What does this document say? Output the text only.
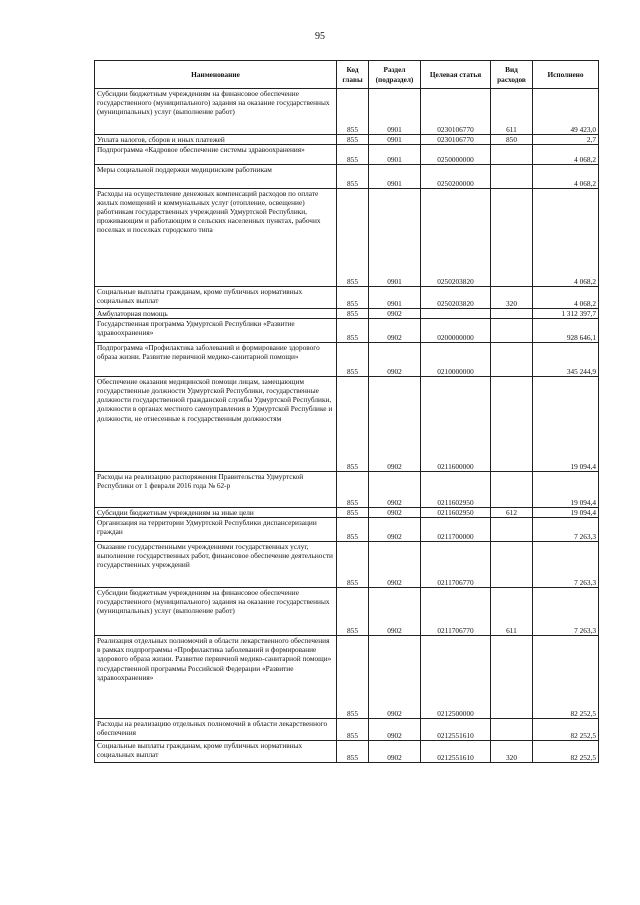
95
Наименование	Код главы	Раздел (подраздел)	Целевая статья	Вид расходов	Исполнено
Субсидии бюджетным учреждениям на финансовое обеспечение государственного (муниципального) задания на оказание государственных (муниципальных) услуг (выполнение работ)	855	0901	0230106770	611	49 423,0
Уплата налогов, сборов и иных платежей	855	0901	0230106770	850	2,7
Подпрограмма «Кадровое обеспечение системы здравоохранения»	855	0901	0250000000		4 068,2
Меры социальной поддержки медицинским работникам	855	0901	0250200000		4 068,2
Расходы на осуществление денежных компенсаций расходов по оплате жилых помещений и коммунальных услуг (отопление, освещение) работникам государственных учреждений Удмуртской Республики, проживающим и работающим в сельских населенных пунктах, рабочих поселках и поселках городского типа	855	0901	0250203820		4 068,2
Социальные выплаты гражданам, кроме публичных нормативных социальных выплат	855	0901	0250203820	320	4 068,2
Амбулаторная помощь	855	0902			1 312 397,7
Государственная программа Удмуртской Республики «Развитие здравоохранения»	855	0902	0200000000		928 646,1
Подпрограмма «Профилактика заболеваний и формирование здорового образа жизни. Развитие первичной медико-санитарной помощи»	855	0902	0210000000		345 244,9
Обеспечение оказания медицинской помощи лицам, замещающим государственные должности Удмуртской Республики, государственные должности государственной гражданской службы Удмуртской Республики, должности в органах местного самоуправления в Удмуртской Республике и должности, не отнесенные к государственным должностям	855	0902	0211600000		19 094,4
Расходы на реализацию распоряжения Правительства Удмуртской Республики от 1 февраля 2016 года № 62-р	855	0902	0211602950		19 094,4
Субсидии бюджетным учреждениям на иные цели	855	0902	0211602950	612	19 094,4
Организация на территории Удмуртской Республики диспансеризации граждан	855	0902	0211700000		7 263,3
Оказание государственными учреждениями государственных услуг, выполнение государственных работ, финансовое обеспечение деятельности государственных учреждений	855	0902	0211706770		7 263,3
Субсидии бюджетным учреждениям на финансовое обеспечение государственного (муниципального) задания на оказание государственных (муниципальных) услуг (выполнение работ)	855	0902	0211706770	611	7 263,3
Реализация отдельных полномочий в области лекарственного обеспечения в рамках подпрограммы «Профилактика заболеваний и формирование здорового образа жизни. Развитие первичной медико-санитарной помощи» государственной программы Российской Федерации «Развитие здравоохранения»	855	0902	0212500000		82 252,5
Расходы на реализацию отдельных полномочий в области лекарственного обеспечения	855	0902	0212551610		82 252,5
Социальные выплаты гражданам, кроме публичных нормативных социальных выплат	855	0902	0212551610	320	82 252,5
